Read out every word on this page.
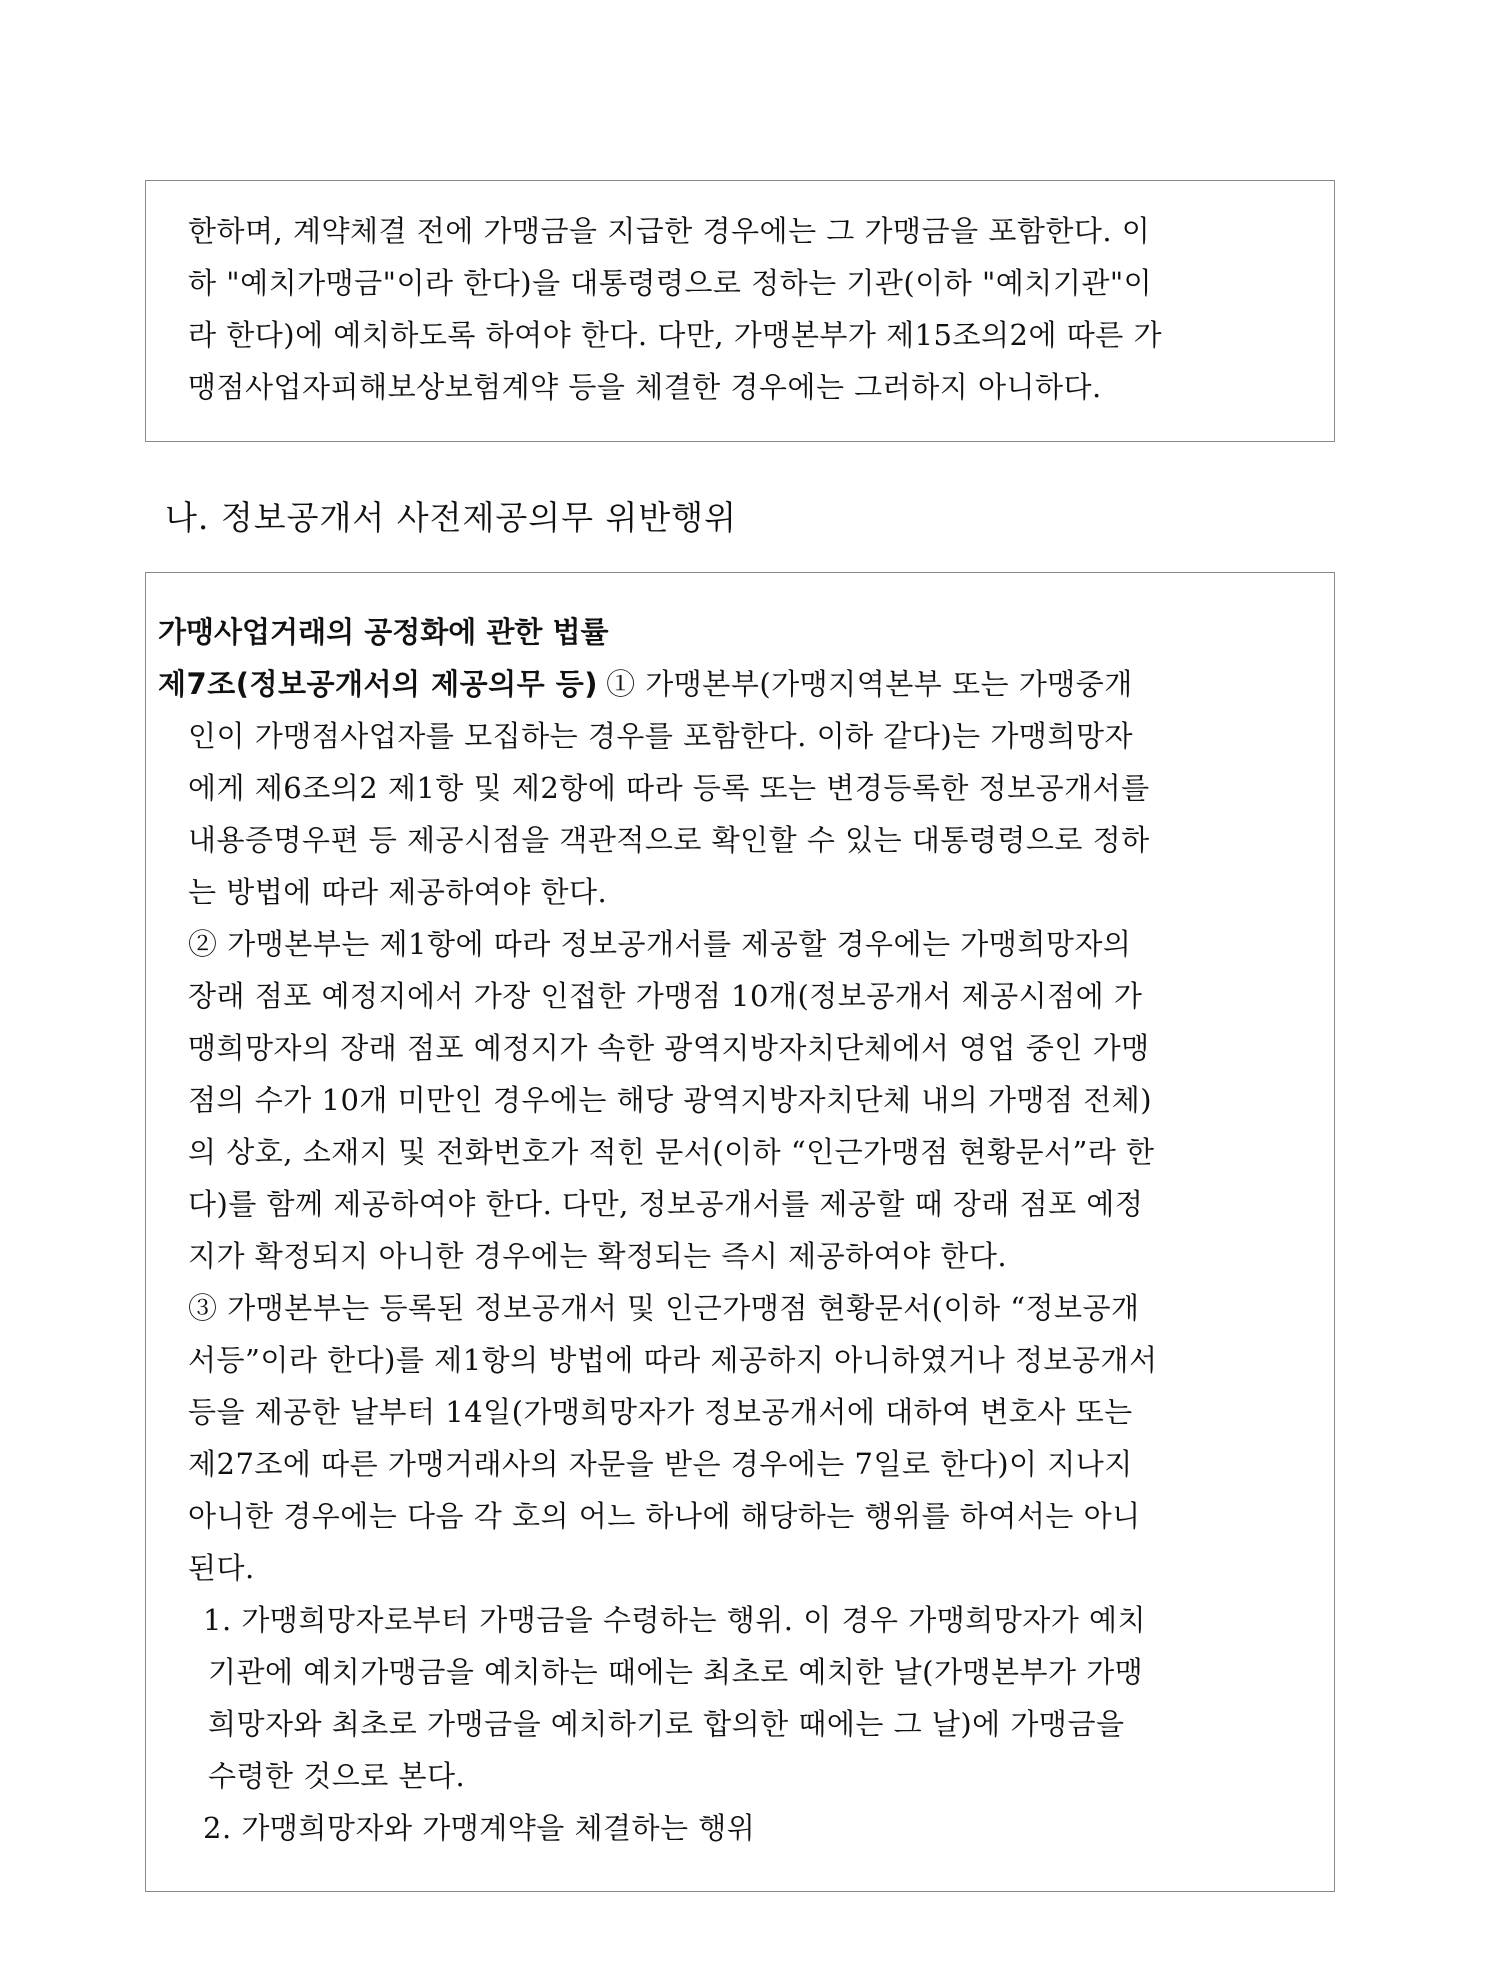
한하며, 계약체결 전에 가맹금을 지급한 경우에는 그 가맹금을 포함한다. 이
하 "예치가맹금"이라 한다)을 대통령령으로 정하는 기관(이하 "예치기관"이
라 한다)에 예치하도록 하여야 한다. 다만, 가맹본부가 제15조의2에 따른 가
맹점사업자피해보상보험계약 등을 체결한 경우에는 그러하지 아니하다.
나. 정보공개서 사전제공의무 위반행위
가맹사업거래의 공정화에 관한 법률
제7조(정보공개서의 제공의무 등) ① 가맹본부(가맹지역본부 또는 가맹중개
인이 가맹점사업자를 모집하는 경우를 포함한다. 이하 같다)는 가맹희망자
에게 제6조의2 제1항 및 제2항에 따라 등록 또는 변경등록한 정보공개서를
내용증명우편 등 제공시점을 객관적으로 확인할 수 있는 대통령령으로 정하
는 방법에 따라 제공하여야 한다.
② 가맹본부는 제1항에 따라 정보공개서를 제공할 경우에는 가맹희망자의
장래 점포 예정지에서 가장 인접한 가맹점 10개(정보공개서 제공시점에 가
맹희망자의 장래 점포 예정지가 속한 광역지방자치단체에서 영업 중인 가맹
점의 수가 10개 미만인 경우에는 해당 광역지방자치단체 내의 가맹점 전체)
의 상호, 소재지 및 전화번호가 적힌 문서(이하 “인근가맹점 현황문서”라 한
다)를 함께 제공하여야 한다. 다만, 정보공개서를 제공할 때 장래 점포 예정
지가 확정되지 아니한 경우에는 확정되는 즉시 제공하여야 한다.
③ 가맹본부는 등록된 정보공개서 및 인근가맹점 현황문서(이하 “정보공개
서등”이라 한다)를 제1항의 방법에 따라 제공하지 아니하였거나 정보공개서
등을 제공한 날부터 14일(가맹희망자가 정보공개서에 대하여 변호사 또는
제27조에 따른 가맹거래사의 자문을 받은 경우에는 7일로 한다)이 지나지
아니한 경우에는 다음 각 호의 어느 하나에 해당하는 행위를 하여서는 아니
된다.
1. 가맹희망자로부터 가맹금을 수령하는 행위. 이 경우 가맹희망자가 예치
기관에 예치가맹금을 예치하는 때에는 최초로 예치한 날(가맹본부가 가맹
희망자와 최초로 가맹금을 예치하기로 합의한 때에는 그 날)에 가맹금을
수령한 것으로 본다.
2. 가맹희망자와 가맹계약을 체결하는 행위
